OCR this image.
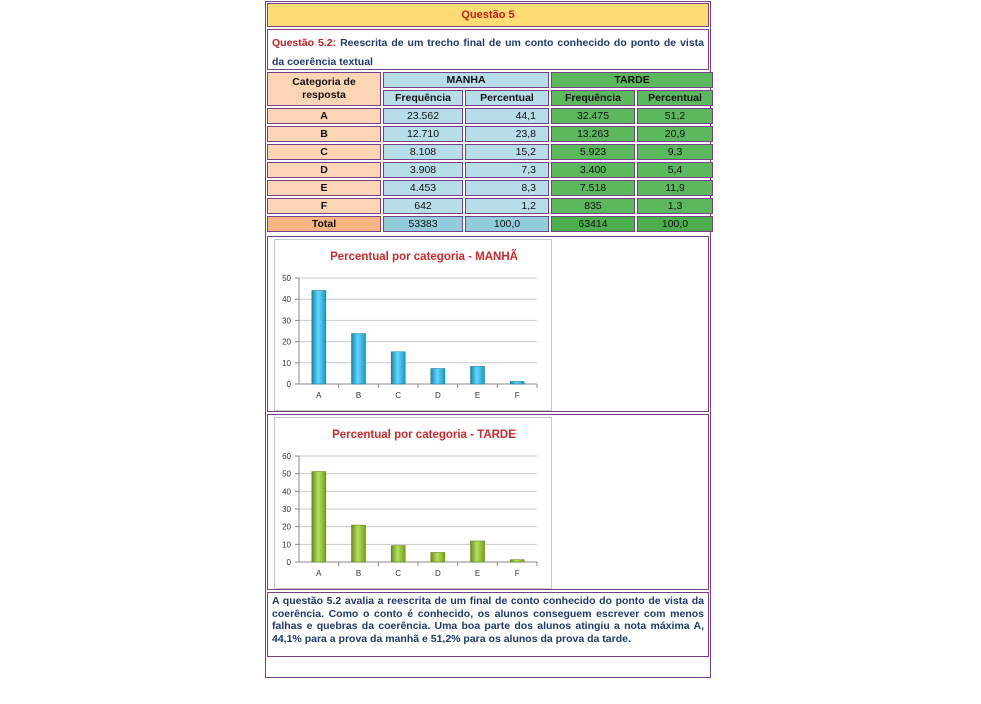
Questão 5
Questão 5.2: Reescrita de um trecho final de um conto conhecido do ponto de vista da coerência textual
Categoria de resposta	MANHA		TARDE	
	Frequência	Percentual	Frequência	Percentual
A	23.562	44,1	32.475	51,2
B	12.710	23,8	13.263	20,9
C	8.108	15,2	5.923	9,3
D	3.908	7,3	3.400	5,4
E	4.453	8,3	7.518	11,9
F	642	1,2	835	1,3
Total	53383	100,0	63414	100,0
Percentual por categoria - MANHÃ
0
10
20
30
40
50
A	B	C	D	E	F
Percentual por categoria - TARDE
0
10
20
30
40
50
60
A	B	C	D	E	F
A questão 5.2 avalia a reescrita de um final de conto conhecido do ponto de vista da coerência. Como o conto é conhecido, os alunos conseguem escrever com menos falhas e quebras da coerência. Uma boa parte dos alunos atingiu a nota máxima A, 44,1% para a prova da manhã e 51,2% para os alunos da prova da tarde.
